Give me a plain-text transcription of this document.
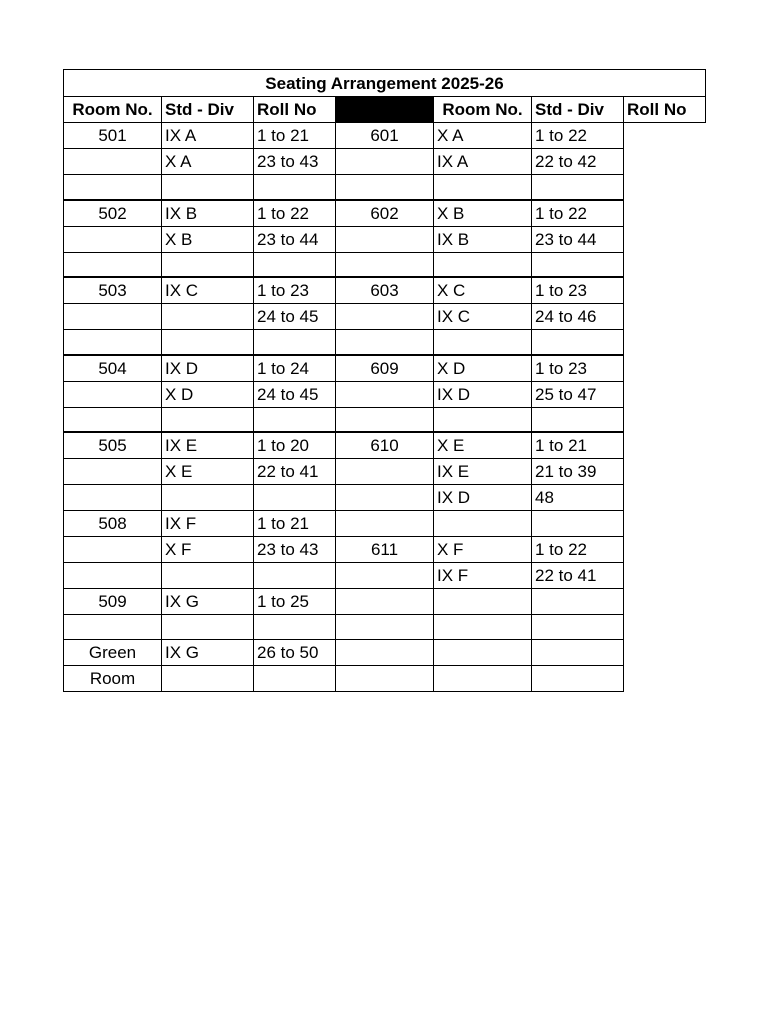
Seating Arrangement 2025-26						
Room No.	Std - Div	Roll No		Room No.	Std - Div	Roll No
501	IX A	1 to 21	601	X A	1 to 22	
	X A	23 to 43		IX A	22 to 42	

502	IX B	1 to 22	602	X B	1 to 22	
	X B	23 to 44		IX B	23 to 44	

503	IX C	1 to 23	603	X C	1 to 23	
		24 to 45		IX C	24 to 46	

504	IX D	1 to 24	609	X D	1 to 23	
	X D	24 to 45		IX D	25 to 47	

505	IX E	1 to 20	610	X E	1 to 21	
	X E	22 to 41		IX E	21 to 39	
				IX D	48	
508	IX F	1 to 21				
	X F	23 to 43	611	X F	1 to 22	
				IX F	22 to 41	
509	IX G	1 to 25				

Green	IX G	26 to 50				
Room						
